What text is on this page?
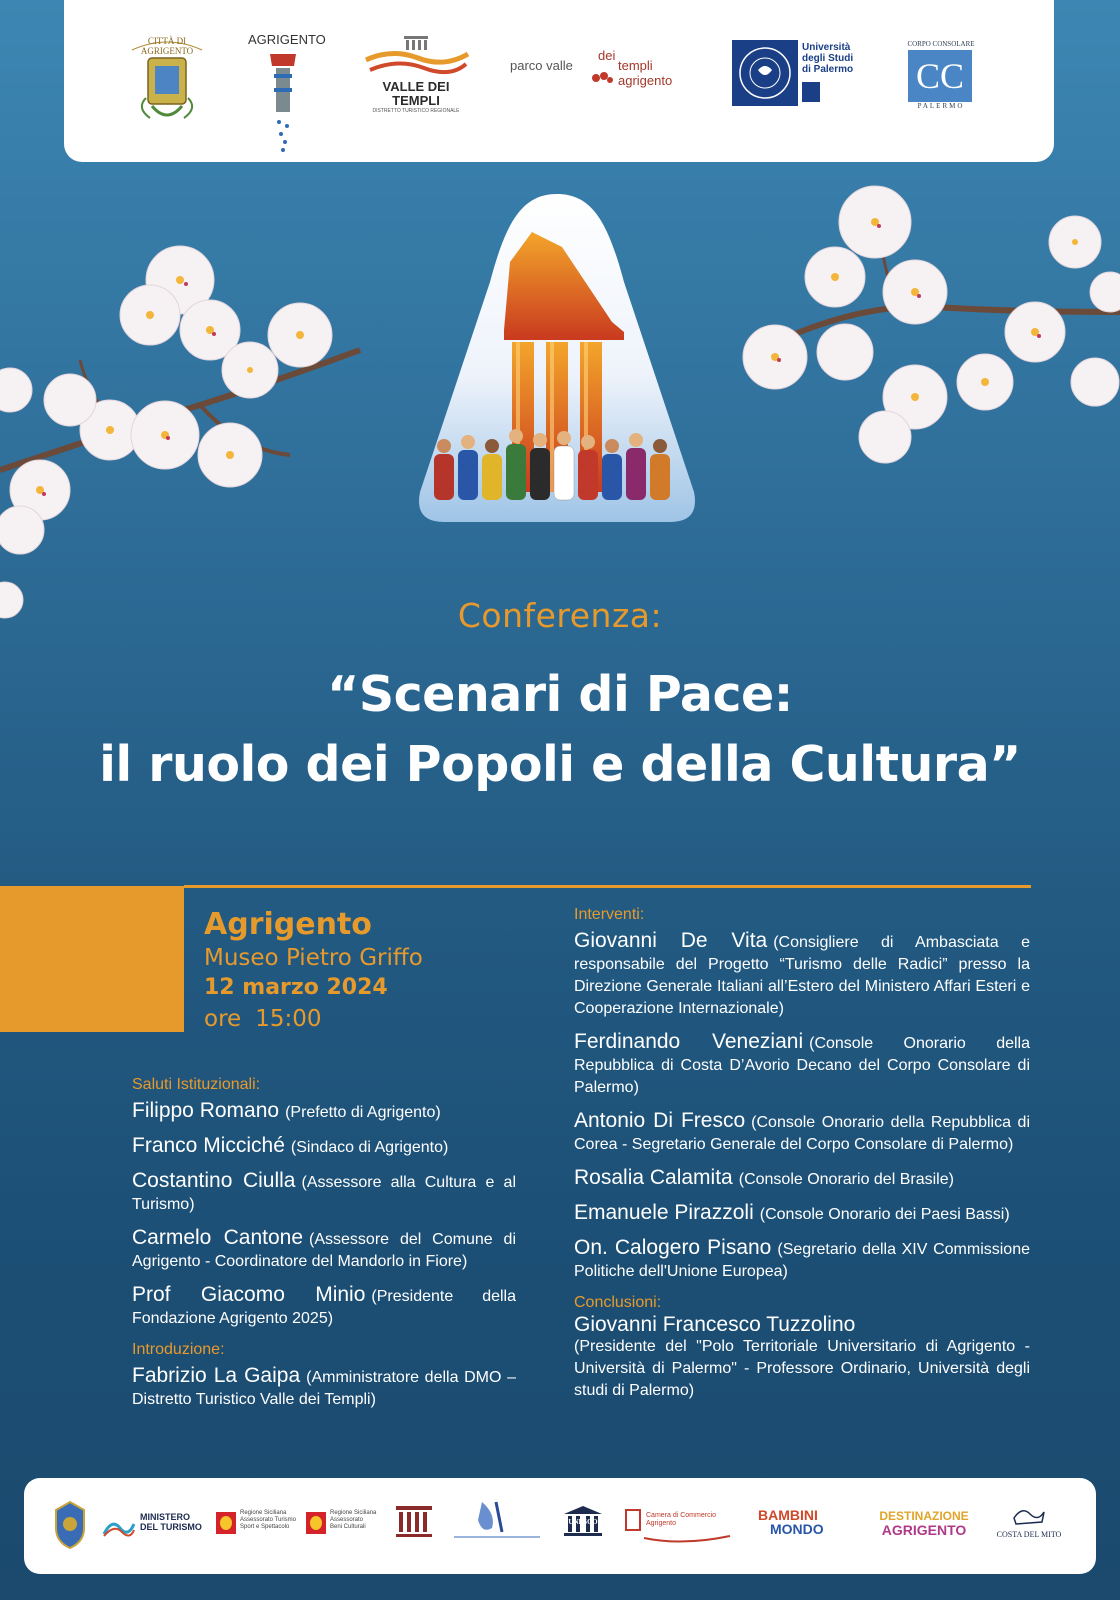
CITTÀ DI AGRIGENTO
AGRIGENTO
VALLE DEI TEMPLI
DISTRETTO TURISTICO REGIONALE
parco valle
dei
templi agrigento
Università
degli Studi
di Palermo
CORPO CONSOLARE
CC
PALERMO
Conferenza:
“Scenari di Pace:
il ruolo dei Popoli e della Cultura”
Agrigento
Museo Pietro Griffo
12 marzo 2024
ore 15:00
Saluti Istituzionali:
Filippo Romano (Prefetto di Agrigento)
Franco Micciché (Sindaco di Agrigento)
Costantino Ciulla (Assessore alla Cultura e al Turismo)
Carmelo Cantone (Assessore del Comune di Agrigento - Coordinatore del Mandorlo in Fiore)
Prof Giacomo Minio (Presidente della Fondazione Agrigento 2025)
Introduzione:
Fabrizio La Gaipa (Amministratore della DMO – Distretto Turistico Valle dei Templi)
Interventi:
Giovanni De Vita (Consigliere di Ambasciata e responsabile del Progetto “Turismo delle Radici” presso la Direzione Generale Italiani all’Estero del Ministero Affari Esteri e Cooperazione Internazionale)
Ferdinando Veneziani (Console Onorario della Repubblica di Costa D’Avorio Decano del Corpo Consolare di Palermo)
Antonio Di Fresco (Console Onorario della Repubblica di Corea - Segretario Generale del Corpo Consolare di Palermo)
Rosalia Calamita (Console Onorario del Brasile)
Emanuele Pirazzoli (Console Onorario dei Paesi Bassi)
On. Calogero Pisano (Segretario della XIV Commissione Politiche dell'Unione Europea)
Conclusioni:
Giovanni Francesco Tuzzolino
(Presidente del "Polo Territoriale Universitario di Agrigento - Università di Palermo" - Professore Ordinario, Università degli studi di Palermo)
MINISTERO
DEL TURISMO
Regione Siciliana
Assessorato Turismo
Sport e Spettacolo
Regione Siciliana
Assessorato
Beni Culturali
UNESCO
Camera di Commercio
Agrigento
BAMBINI
MONDO
DESTINAZIONE
AGRIGENTO	COSTA DEL MITO
